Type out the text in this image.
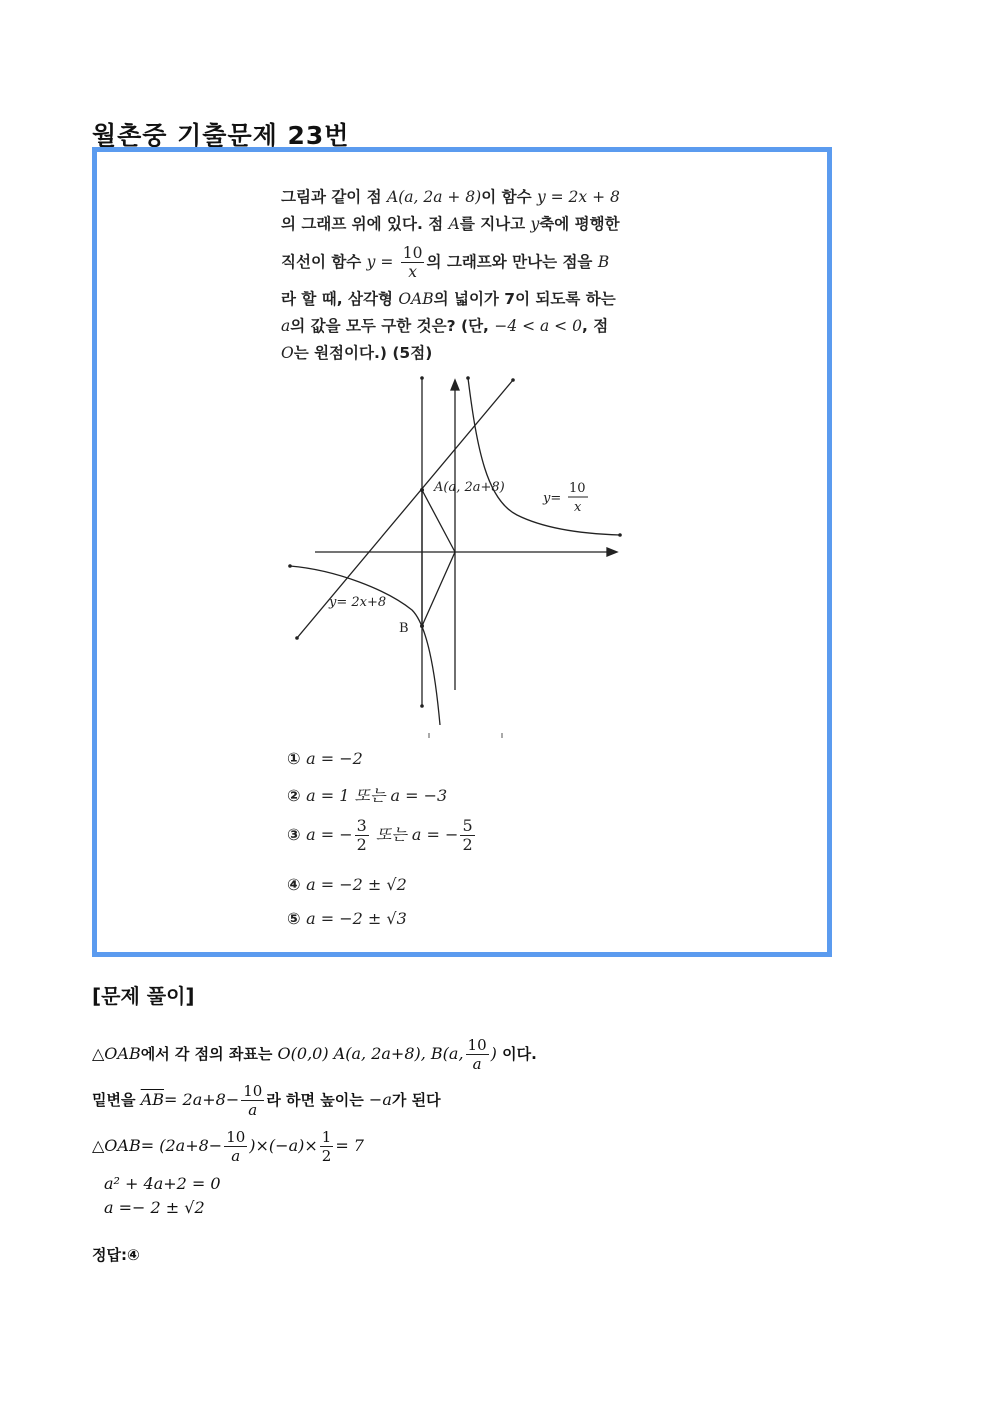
월촌중 기출문제 23번
그림과 같이 점 A(a, 2a + 8)이 함수 y = 2x + 8
의 그래프 위에 있다. 점 A를 지나고 y축에 평행한
직선이 함수 $y = \frac{10}{x}$ 의 그래프와 만나는 점을 B
라 할 때, 삼각형 OAB의 넓이가 7이 되도록 하는
a의 값을 모두 구한 것은? (단, −4 < a < 0, 점
O는 원점이다.) (5점)
A(a, 2a+8)
y=
10
x
y= 2x+8
B
① a = −2
② a = 1 또는 a = −3
③ a = − $\frac{3}{2}$ 또는 a = − $\frac{5}{2}$
④ a = −2 ± √2
⑤ a = −2 ± √3
[문제 풀이]
△OAB에서 각 점의 좌표는 O(0,0) A(a, 2a+8), B(a, $\frac{10}{a}$ ) 이다.
밑변을 $\overline{AB}= 2a+8- \frac{10}{a}$ 라 하면 높이는 −a가 된다
△OAB= $(2a+8- \frac{10}{a} )\times(-a)\times \frac{1}{2} = 7$
a² + 4a+2 = 0
a =− 2 ± √2
정답:④
